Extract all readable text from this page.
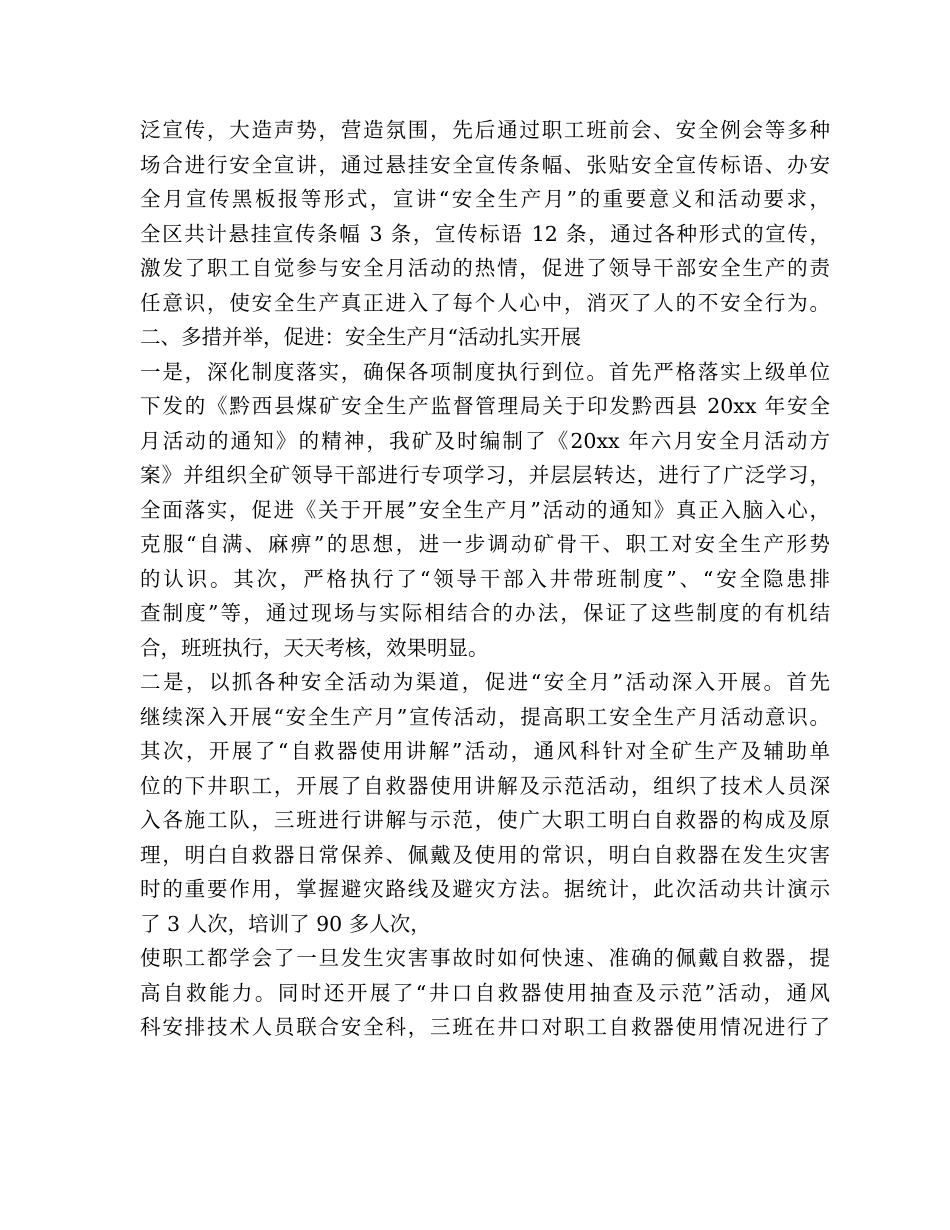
泛宣传，大造声势，营造氛围，先后通过职工班前会、安全例会等多种
场合进行安全宣讲，通过悬挂安全宣传条幅、张贴安全宣传标语、办安
全月宣传黑板报等形式，宣讲“安全生产月”的重要意义和活动要求，
全区共计悬挂宣传条幅 3 条，宣传标语 12 条，通过各种形式的宣传，
激发了职工自觉参与安全月活动的热情，促进了领导干部安全生产的责
任意识，使安全生产真正进入了每个人心中，消灭了人的不安全行为。
二、多措并举，促进：安全生产月“活动扎实开展
一是，深化制度落实，确保各项制度执行到位。首先严格落实上级单位
下发的《黔西县煤矿安全生产监督管理局关于印发黔西县 20xx 年安全
月活动的通知》的精神，我矿及时编制了《20xx 年六月安全月活动方
案》并组织全矿领导干部进行专项学习，并层层转达，进行了广泛学习，
全面落实，促进《关于开展”安全生产月”活动的通知》真正入脑入心，
克服“自满、麻痹”的思想，进一步调动矿骨干、职工对安全生产形势
的认识。其次，严格执行了“领导干部入井带班制度”、“安全隐患排
查制度”等，通过现场与实际相结合的办法，保证了这些制度的有机结
合，班班执行，天天考核，效果明显。
二是，以抓各种安全活动为渠道，促进“安全月”活动深入开展。首先
继续深入开展“安全生产月”宣传活动，提高职工安全生产月活动意识。
其次，开展了“自救器使用讲解”活动，通风科针对全矿生产及辅助单
位的下井职工，开展了自救器使用讲解及示范活动，组织了技术人员深
入各施工队，三班进行讲解与示范，使广大职工明白自救器的构成及原
理，明白自救器日常保养、佩戴及使用的常识，明白自救器在发生灾害
时的重要作用，掌握避灾路线及避灾方法。据统计，此次活动共计演示
了 3 人次，培训了 90 多人次，
使职工都学会了一旦发生灾害事故时如何快速、准确的佩戴自救器，提
高自救能力。同时还开展了“井口自救器使用抽查及示范”活动，通风
科安排技术人员联合安全科，三班在井口对职工自救器使用情况进行了
